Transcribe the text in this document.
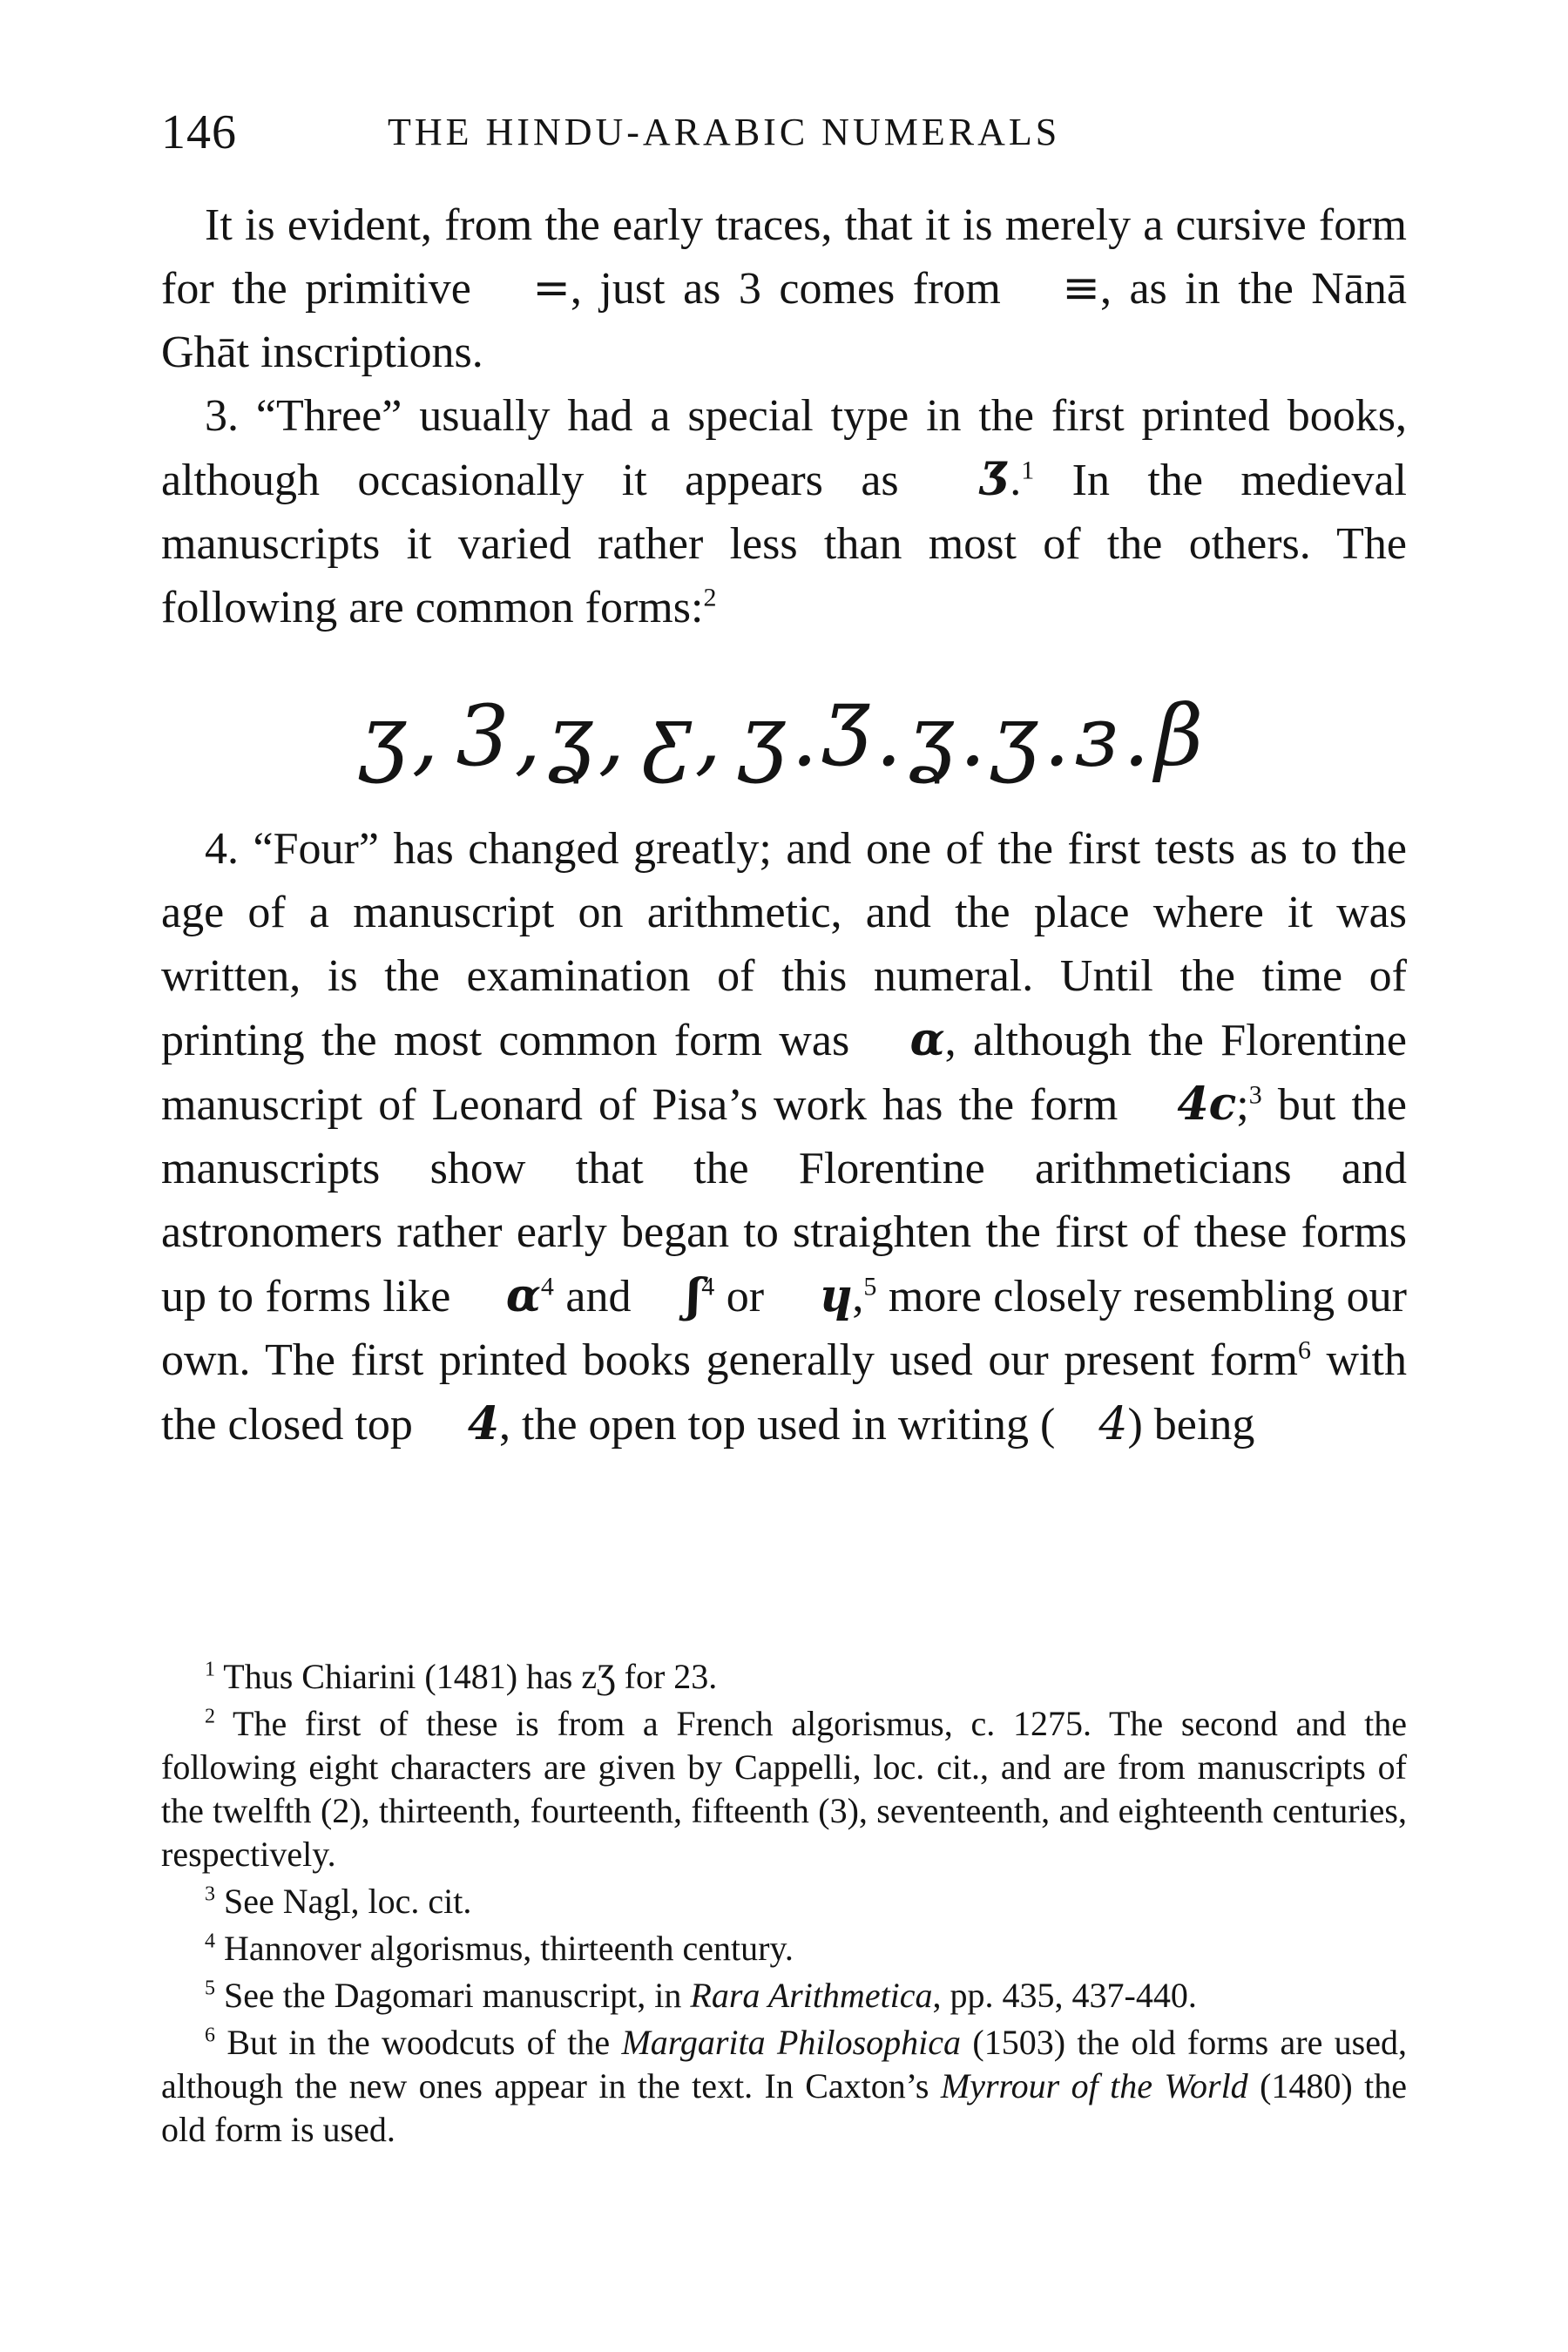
146	THE HINDU-ARABIC NUMERALS

It is evident, from the early traces, that it is merely a cursive form for the primitive =, just as 3 comes from ≡, as in the Nānā Ghāt inscriptions.

3. “Three” usually had a special type in the first printed books, although occasionally it appears as Ʒ.$^1$ In the medieval manuscripts it varied rather less than most of the others. The following are common forms:$^2$

ʒ , 3 , ʓ , ƹ , ʒ . Ʒ . ʓ . ʒ . ɜ . β

4. “Four” has changed greatly; and one of the first tests as to the age of a manuscript on arithmetic, and the place where it was written, is the examination of this numeral. Until the time of printing the most common form was α, although the Florentine manuscript of Leonard of Pisa’s work has the form 4c;$^3$ but the manuscripts show that the Florentine arithmeticians and astronomers rather early began to straighten the first of these forms up to forms like $\alpha^4$ and ʃ$^4$ or ɥ,$^5$ more closely resembling our own. The first printed books generally used our present form$^6$ with the closed top 4, the open top used in writing ( 4) being

$^1$ Thus Chiarini (1481) has zƷ for 23.

$^2$ The first of these is from a French algorismus, c. 1275. The second and the following eight characters are given by Cappelli, loc. cit., and are from manuscripts of the twelfth (2), thirteenth, fourteenth, fifteenth (3), seventeenth, and eighteenth centuries, respectively.

$^3$ See Nagl, loc. cit.

$^4$ Hannover algorismus, thirteenth century.

$^5$ See the Dagomari manuscript, in Rara Arithmetica, pp. 435, 437-440.

$^6$ But in the woodcuts of the Margarita Philosophica (1503) the old forms are used, although the new ones appear in the text. In Caxton’s Myrrour of the World (1480) the old form is used.
